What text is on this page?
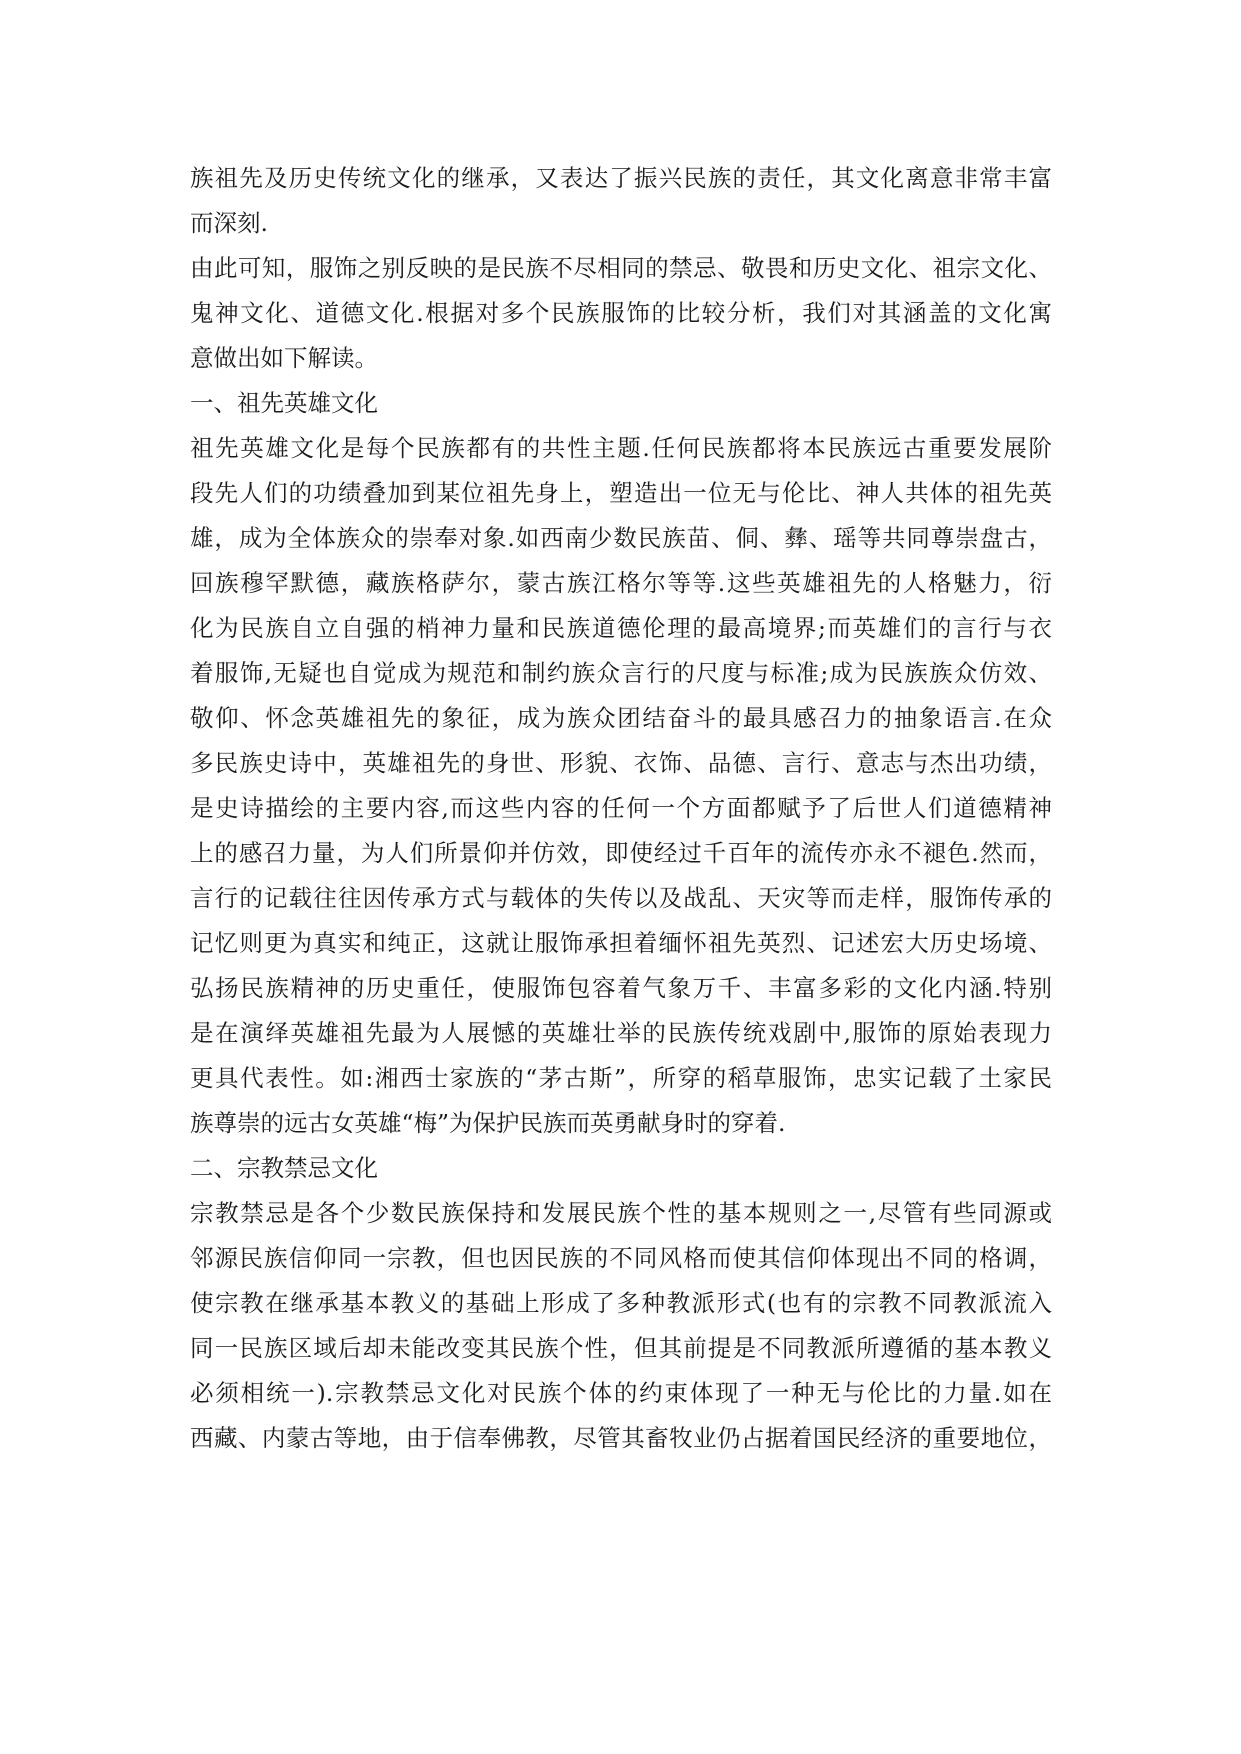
族祖先及历史传统文化的继承，又表达了振兴民族的责任，其文化离意非常丰富
而深刻.
由此可知，服饰之别反映的是民族不尽相同的禁忌、敬畏和历史文化、祖宗文化、
鬼神文化、道德文化.根据对多个民族服饰的比较分析，我们对其涵盖的文化寓
意做出如下解读。
一、祖先英雄文化
祖先英雄文化是每个民族都有的共性主题.任何民族都将本民族远古重要发展阶
段先人们的功绩叠加到某位祖先身上，塑造出一位无与伦比、神人共体的祖先英
雄，成为全体族众的崇奉对象.如西南少数民族苗、侗、彝、瑶等共同尊崇盘古，
回族穆罕默德，藏族格萨尔，蒙古族江格尔等等.这些英雄祖先的人格魅力，衍
化为民族自立自强的梢神力量和民族道德伦理的最高境界;而英雄们的言行与衣
着服饰,无疑也自觉成为规范和制约族众言行的尺度与标准;成为民族族众仿效、
敬仰、怀念英雄祖先的象征，成为族众团结奋斗的最具感召力的抽象语言.在众
多民族史诗中，英雄祖先的身世、形貌、衣饰、品德、言行、意志与杰出功绩，
是史诗描绘的主要内容,而这些内容的任何一个方面都赋予了后世人们道德精神
上的感召力量，为人们所景仰并仿效，即使经过千百年的流传亦永不褪色.然而，
言行的记载往往因传承方式与载体的失传以及战乱、天灾等而走样，服饰传承的
记忆则更为真实和纯正，这就让服饰承担着缅怀祖先英烈、记述宏大历史场境、
弘扬民族精神的历史重任，使服饰包容着气象万千、丰富多彩的文化内涵.特别
是在演绎英雄祖先最为人展憾的英雄壮举的民族传统戏剧中,服饰的原始表现力
更具代表性。如:湘西士家族的“茅古斯”，所穿的稻草服饰，忠实记载了土家民
族尊崇的远古女英雄“梅”为保护民族而英勇献身时的穿着.
二、宗教禁忌文化
宗教禁忌是各个少数民族保持和发展民族个性的基本规则之一,尽管有些同源或
邻源民族信仰同一宗教，但也因民族的不同风格而使其信仰体现出不同的格调，
使宗教在继承基本教义的基础上形成了多种教派形式(也有的宗教不同教派流入
同一民族区域后却未能改变其民族个性，但其前提是不同教派所遵循的基本教义
必须相统一).宗教禁忌文化对民族个体的约束体现了一种无与伦比的力量.如在
西藏、内蒙古等地，由于信奉佛教，尽管其畜牧业仍占据着国民经济的重要地位，
